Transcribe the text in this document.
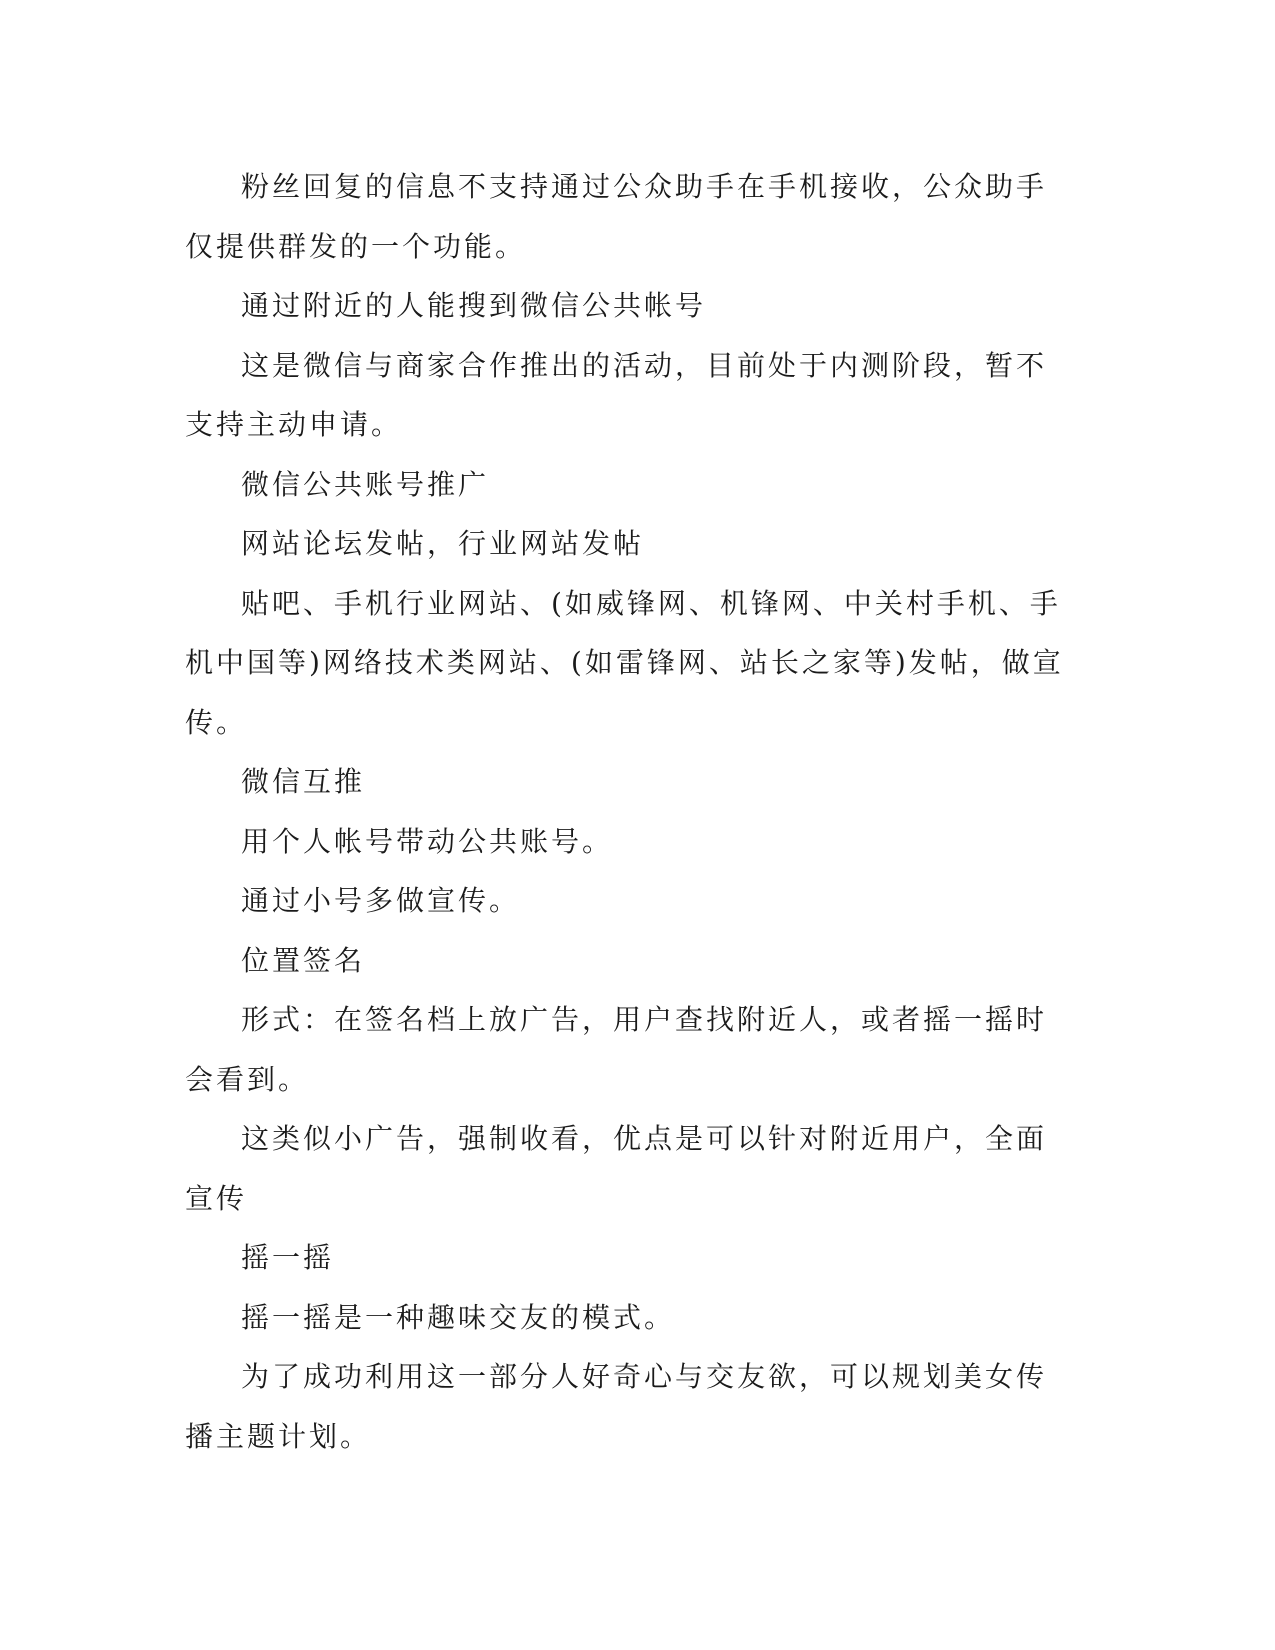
粉丝回复的信息不支持通过公众助手在手机接收，公众助手仅提供群发的一个功能。

通过附近的人能搜到微信公共帐号

这是微信与商家合作推出的活动，目前处于内测阶段，暂不支持主动申请。

微信公共账号推广

网站论坛发帖，行业网站发帖

贴吧、手机行业网站、(如威锋网、机锋网、中关村手机、手机中国等)网络技术类网站、(如雷锋网、站长之家等)发帖，做宣传。

微信互推

用个人帐号带动公共账号。

通过小号多做宣传。

位置签名

形式：在签名档上放广告，用户查找附近人，或者摇一摇时会看到。

这类似小广告，强制收看，优点是可以针对附近用户，全面宣传

摇一摇

摇一摇是一种趣味交友的模式。

为了成功利用这一部分人好奇心与交友欲，可以规划美女传播主题计划。
